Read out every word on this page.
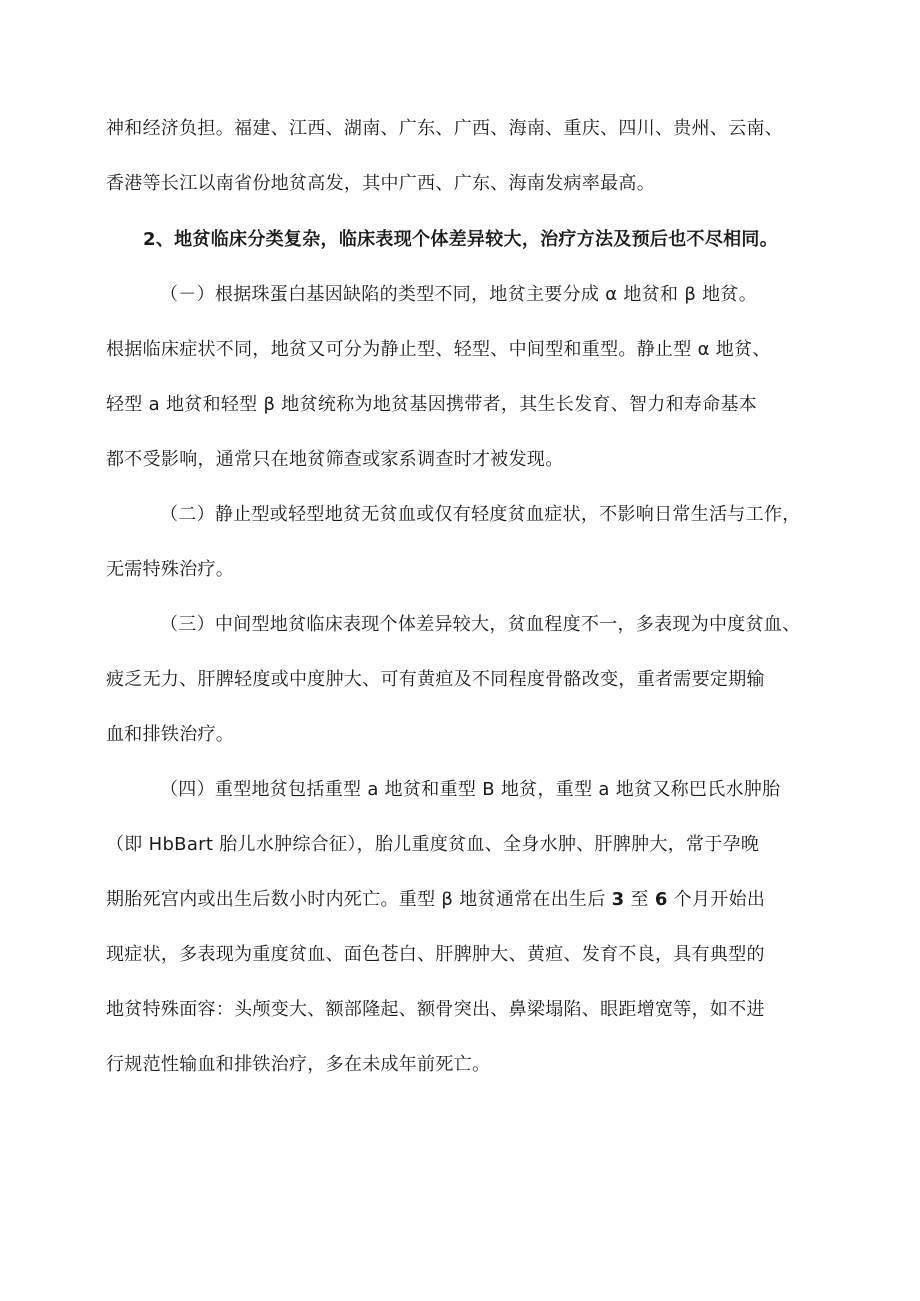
神和经济负担。福建、江西、湖南、广东、广西、海南、重庆、四川、贵州、云南、
香港等长江以南省份地贫高发，其中广西、广东、海南发病率最高。
2、地贫临床分类复杂，临床表现个体差异较大，治疗方法及预后也不尽相同。
（－）根据珠蛋白基因缺陷的类型不同，地贫主要分成 α 地贫和 β 地贫。
根据临床症状不同，地贫又可分为静止型、轻型、中间型和重型。静止型 α 地贫、
轻型 a 地贫和轻型 β 地贫统称为地贫基因携带者，其生长发育、智力和寿命基本
都不受影响，通常只在地贫筛查或家系调查时才被发现。
（二）静止型或轻型地贫无贫血或仅有轻度贫血症状，不影响日常生活与工作，
无需特殊治疗。
（三）中间型地贫临床表现个体差异较大，贫血程度不一，多表现为中度贫血、
疲乏无力、肝脾轻度或中度肿大、可有黄疸及不同程度骨骼改变，重者需要定期输
血和排铁治疗。
（四）重型地贫包括重型 a 地贫和重型 B 地贫，重型 a 地贫又称巴氏水肿胎
（即 HbBart 胎儿水肿综合征），胎儿重度贫血、全身水肿、肝脾肿大，常于孕晚
期胎死宫内或出生后数小时内死亡。重型 β 地贫通常在出生后 3 至 6 个月开始出
现症状，多表现为重度贫血、面色苍白、肝脾肿大、黄疸、发育不良，具有典型的
地贫特殊面容：头颅变大、额部隆起、额骨突出、鼻梁塌陷、眼距增宽等，如不进
行规范性输血和排铁治疗，多在未成年前死亡。
